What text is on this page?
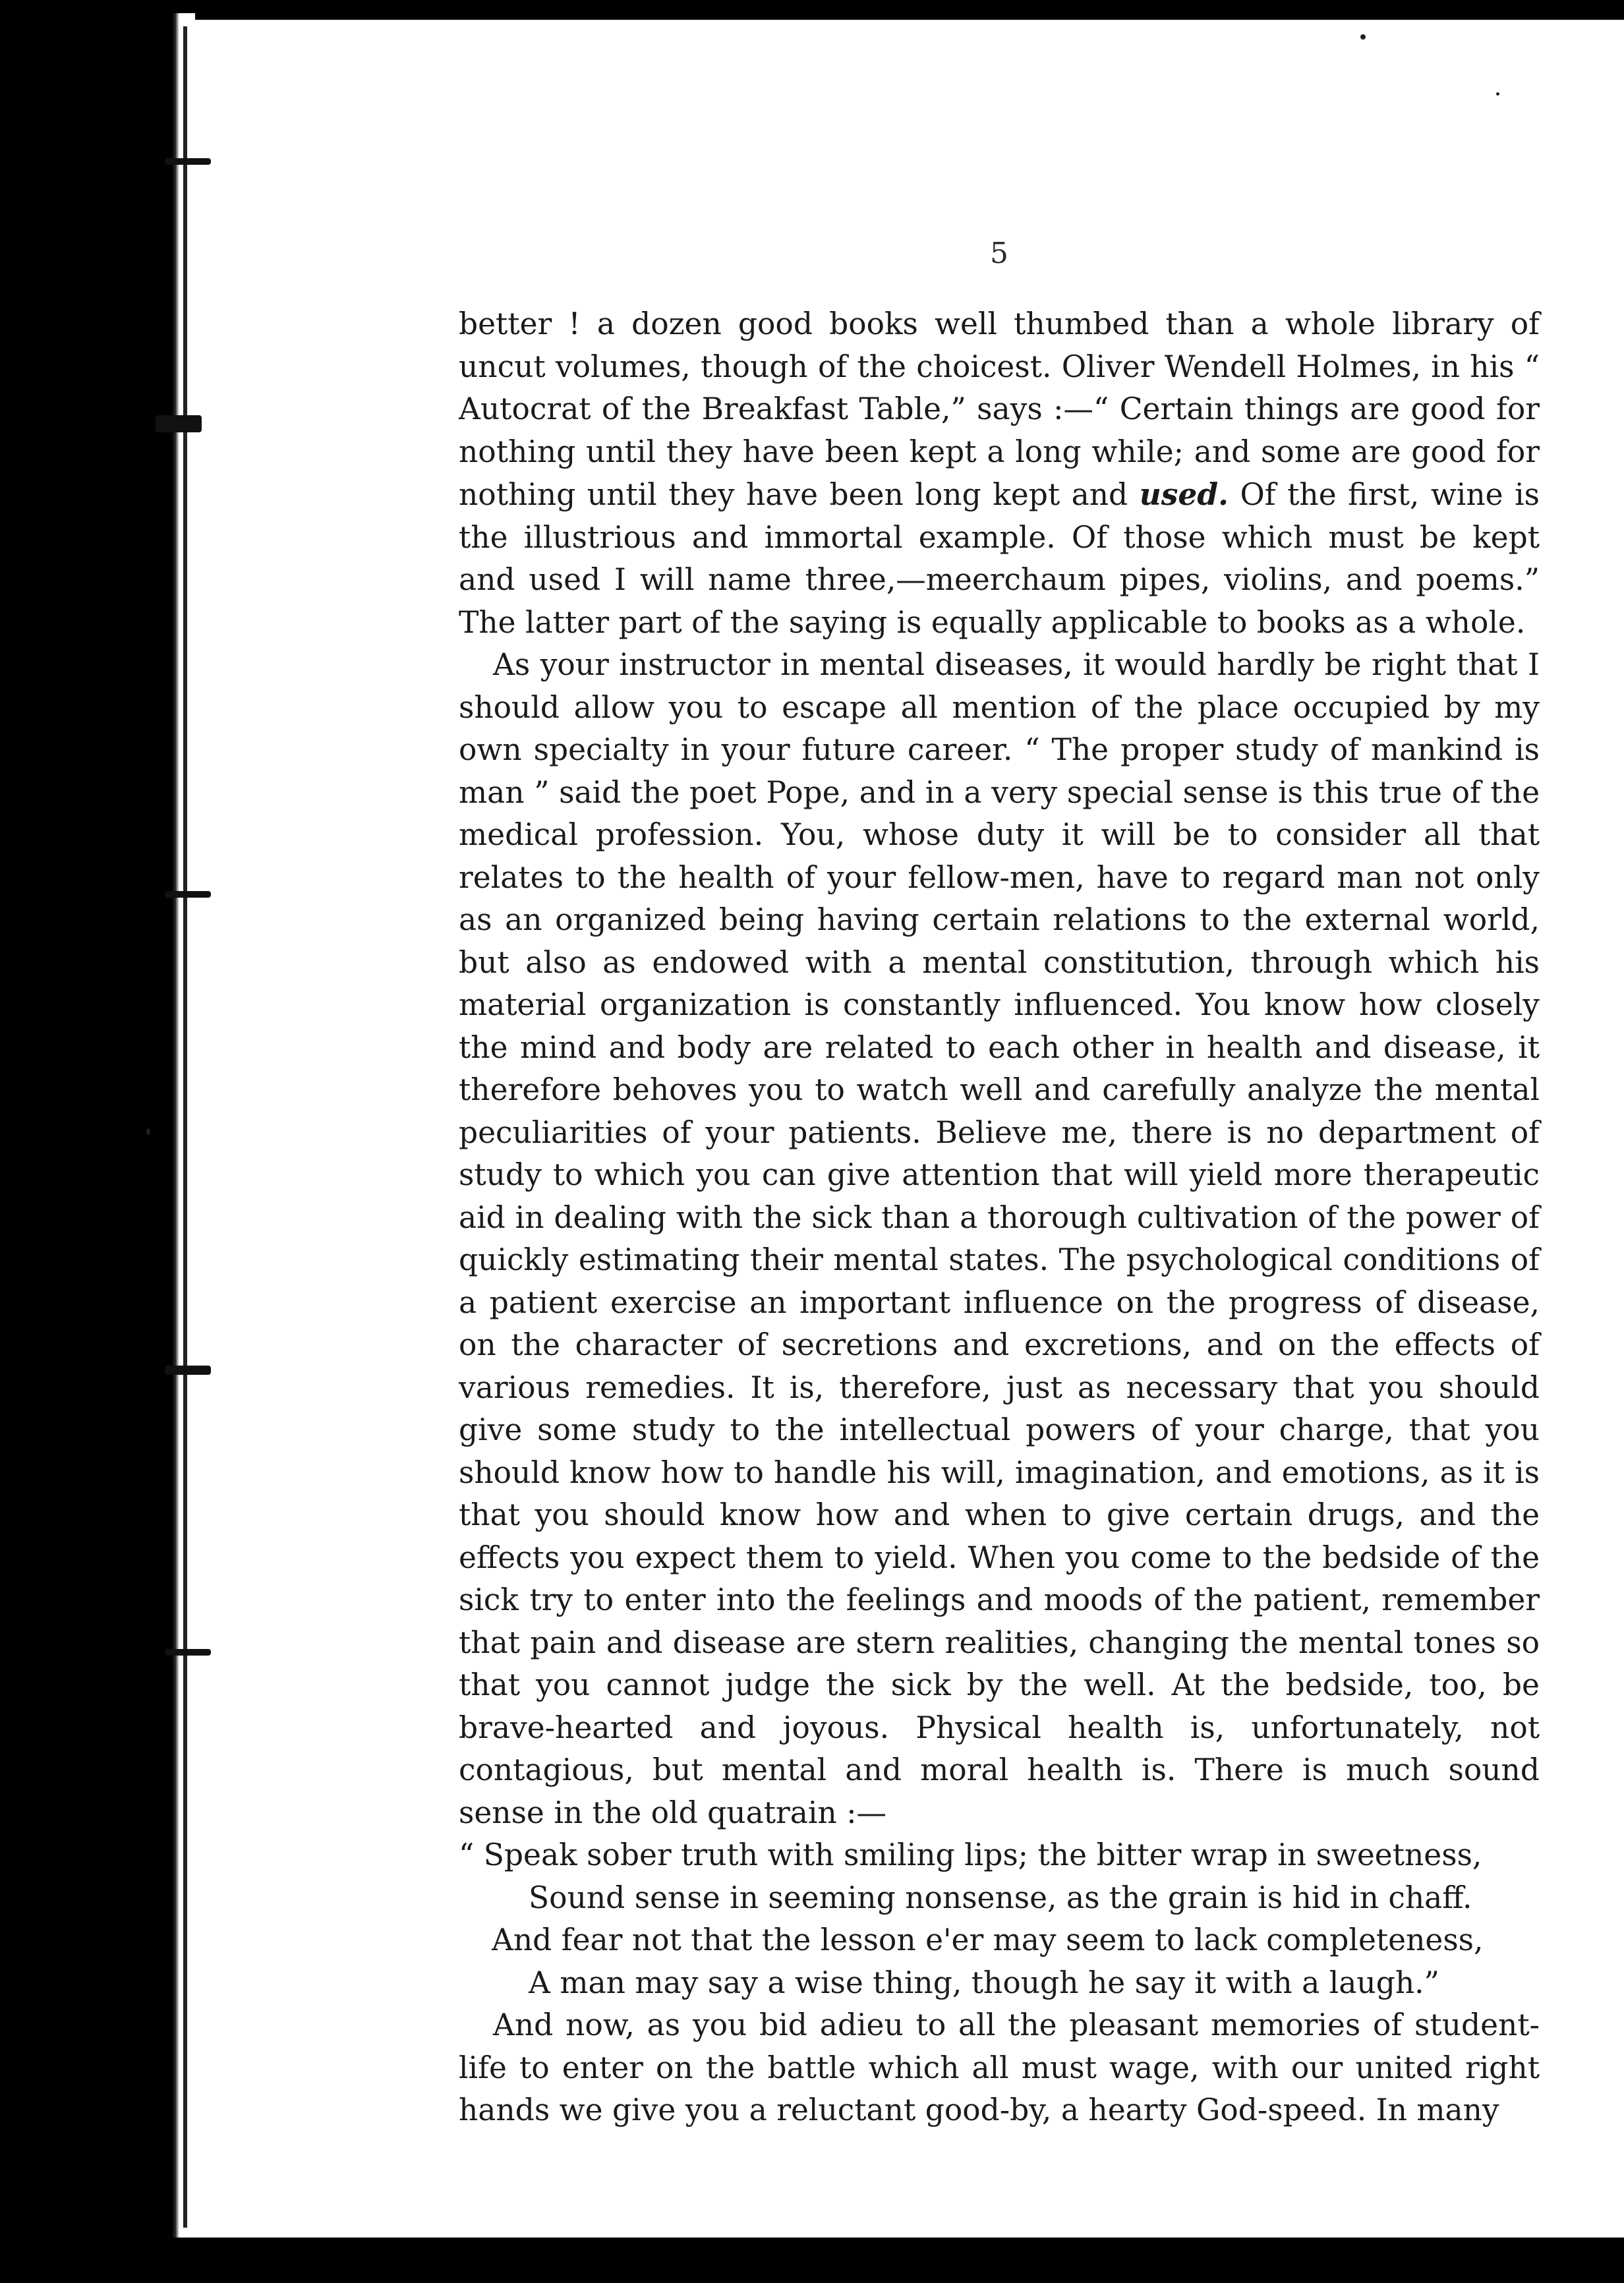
5

better ! a dozen good books well thumbed than a whole library of uncut volumes, though of the choicest. Oliver Wendell Holmes, in his “ Autocrat of the Breakfast Table,” says :—“ Certain things are good for nothing until they have been kept a long while; and some are good for nothing until they have been long kept and used. Of the first, wine is the illustrious and immortal example. Of those which must be kept and used I will name three,—meerchaum pipes, violins, and poems.” The latter part of the saying is equally applicable to books as a whole.

As your instructor in mental diseases, it would hardly be right that I should allow you to escape all mention of the place occupied by my own specialty in your future career. “ The proper study of mankind is man ” said the poet Pope, and in a very special sense is this true of the medical profession. You, whose duty it will be to consider all that relates to the health of your fellow-men, have to regard man not only as an organized being having certain relations to the external world, but also as endowed with a mental constitution, through which his material organization is constantly influenced. You know how closely the mind and body are related to each other in health and disease, it therefore behoves you to watch well and carefully analyze the mental peculiarities of your patients. Believe me, there is no department of study to which you can give attention that will yield more therapeutic aid in dealing with the sick than a thorough cultivation of the power of quickly estimating their mental states. The psychological conditions of a patient exercise an important influence on the progress of disease, on the character of secretions and excretions, and on the effects of various remedies. It is, therefore, just as necessary that you should give some study to the intellectual powers of your charge, that you should know how to handle his will, imagination, and emotions, as it is that you should know how and when to give certain drugs, and the effects you expect them to yield. When you come to the bedside of the sick try to enter into the feelings and moods of the patient, remember that pain and disease are stern realities, changing the mental tones so that you cannot judge the sick by the well. At the bedside, too, be brave-hearted and joyous. Physical health is, unfortunately, not contagious, but mental and moral health is. There is much sound sense in the old quatrain :—

“ Speak sober truth with smiling lips; the bitter wrap in sweetness,
Sound sense in seeming nonsense, as the grain is hid in chaff.
And fear not that the lesson e'er may seem to lack completeness,
A man may say a wise thing, though he say it with a laugh.”

And now, as you bid adieu to all the pleasant memories of student-life to enter on the battle which all must wage, with our united right hands we give you a reluctant good-by, a hearty God-speed. In many
